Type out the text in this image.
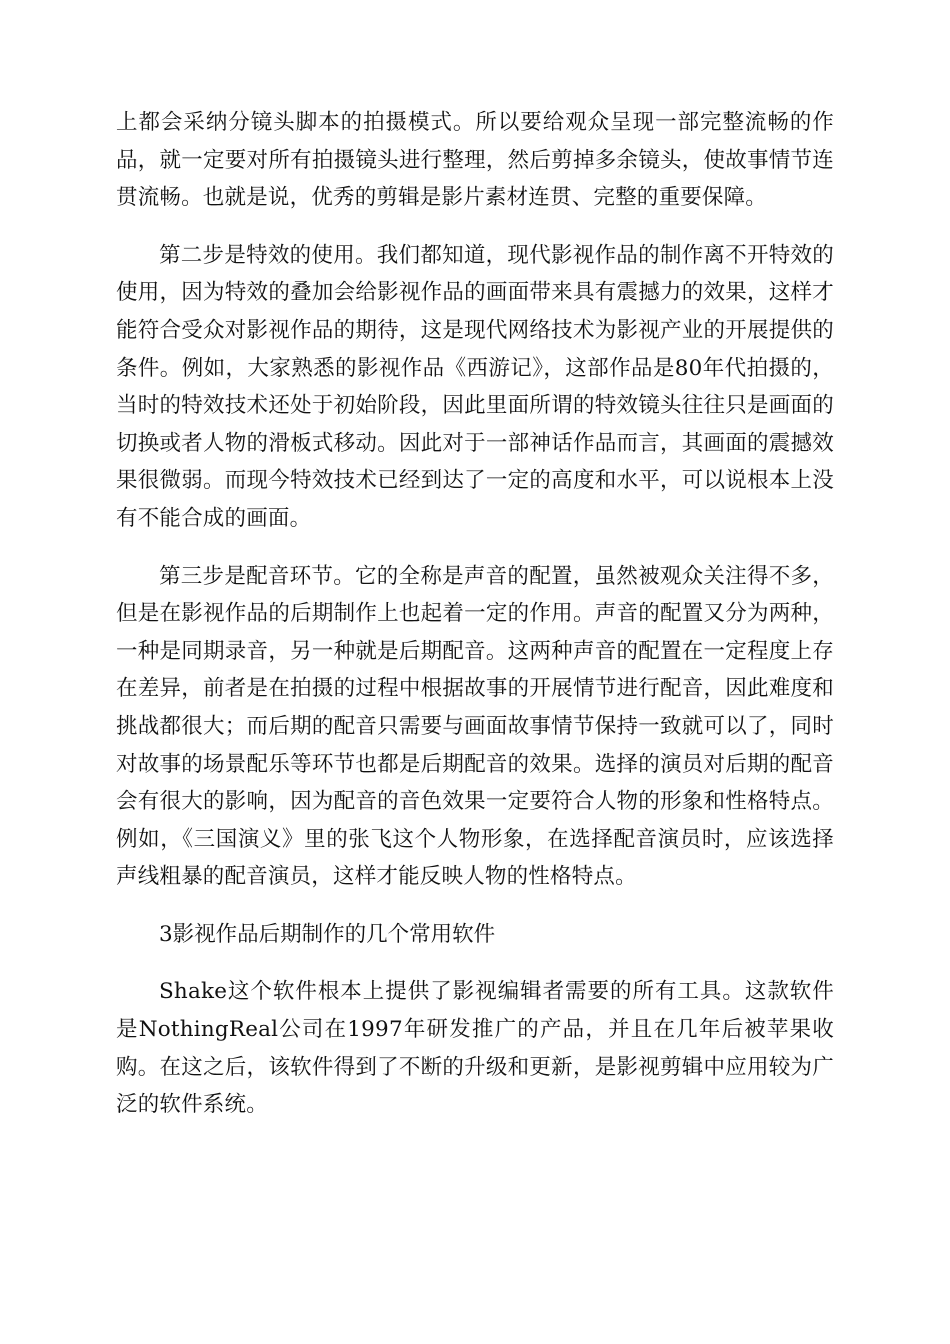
上都会采纳分镜头脚本的拍摄模式。所以要给观众呈现一部完整流畅的作品，就一定要对所有拍摄镜头进行整理，然后剪掉多余镜头，使故事情节连贯流畅。也就是说，优秀的剪辑是影片素材连贯、完整的重要保障。

第二步是特效的使用。我们都知道，现代影视作品的制作离不开特效的使用，因为特效的叠加会给影视作品的画面带来具有震撼力的效果，这样才能符合受众对影视作品的期待，这是现代网络技术为影视产业的开展提供的条件。例如，大家熟悉的影视作品《西游记》，这部作品是80年代拍摄的，当时的特效技术还处于初始阶段，因此里面所谓的特效镜头往往只是画面的切换或者人物的滑板式移动。因此对于一部神话作品而言，其画面的震撼效果很微弱。而现今特效技术已经到达了一定的高度和水平，可以说根本上没有不能合成的画面。

第三步是配音环节。它的全称是声音的配置，虽然被观众关注得不多，但是在影视作品的后期制作上也起着一定的作用。声音的配置又分为两种，一种是同期录音，另一种就是后期配音。这两种声音的配置在一定程度上存在差异，前者是在拍摄的过程中根据故事的开展情节进行配音，因此难度和挑战都很大；而后期的配音只需要与画面故事情节保持一致就可以了，同时对故事的场景配乐等环节也都是后期配音的效果。选择的演员对后期的配音会有很大的影响，因为配音的音色效果一定要符合人物的形象和性格特点。例如，《三国演义》里的张飞这个人物形象，在选择配音演员时，应该选择声线粗暴的配音演员，这样才能反映人物的性格特点。

3影视作品后期制作的几个常用软件

Shake这个软件根本上提供了影视编辑者需要的所有工具。这款软件是NothingReal公司在1997年研发推广的产品，并且在几年后被苹果收购。在这之后，该软件得到了不断的升级和更新，是影视剪辑中应用较为广泛的软件系统。
